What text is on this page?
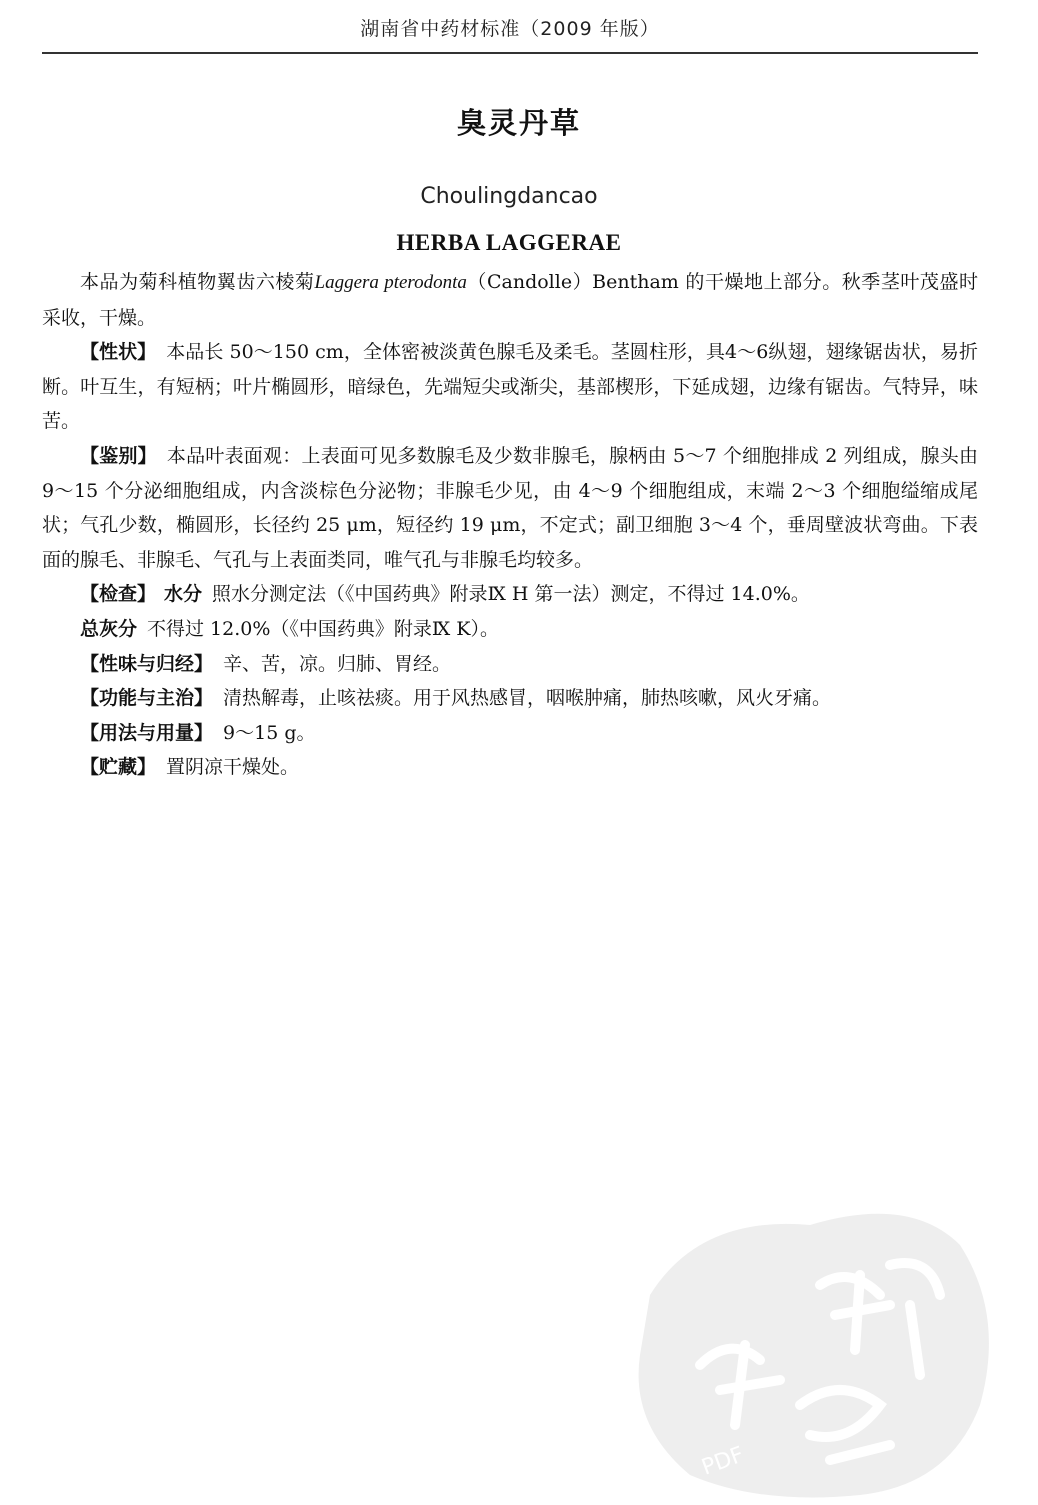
湖南省中药材标准（2009 年版）
臭灵丹草
Choulingdancao
HERBA LAGGERAE

本品为菊科植物翼齿六棱菊Laggera pterodonta（Candolle）Bentham 的干燥地上部分。秋季茎叶茂盛时采收，干燥。

【性状】 本品长 50～150 cm，全体密被淡黄色腺毛及柔毛。茎圆柱形，具4～6纵翅，翅缘锯齿状，易折断。叶互生，有短柄；叶片椭圆形，暗绿色，先端短尖或渐尖，基部楔形，下延成翅，边缘有锯齿。气特异，味苦。

【鉴别】 本品叶表面观：上表面可见多数腺毛及少数非腺毛，腺柄由 5～7 个细胞排成 2 列组成，腺头由 9～15 个分泌细胞组成，内含淡棕色分泌物；非腺毛少见，由 4～9 个细胞组成，末端 2～3 个细胞缢缩成尾状；气孔少数，椭圆形，长径约 25 μm，短径约 19 μm，不定式；副卫细胞 3～4 个，垂周壁波状弯曲。下表面的腺毛、非腺毛、气孔与上表面类同，唯气孔与非腺毛均较多。

【检查】 水分 照水分测定法（《中国药典》附录Ⅸ H 第一法）测定，不得过 14.0%。

总灰分 不得过 12.0%（《中国药典》附录Ⅸ K）。

【性味与归经】 辛、苦，凉。归肺、胃经。

【功能与主治】 清热解毒，止咳祛痰。用于风热感冒，咽喉肿痛，肺热咳嗽，风火牙痛。

【用法与用量】 9～15 g。

【贮藏】 置阴凉干燥处。

PDF
